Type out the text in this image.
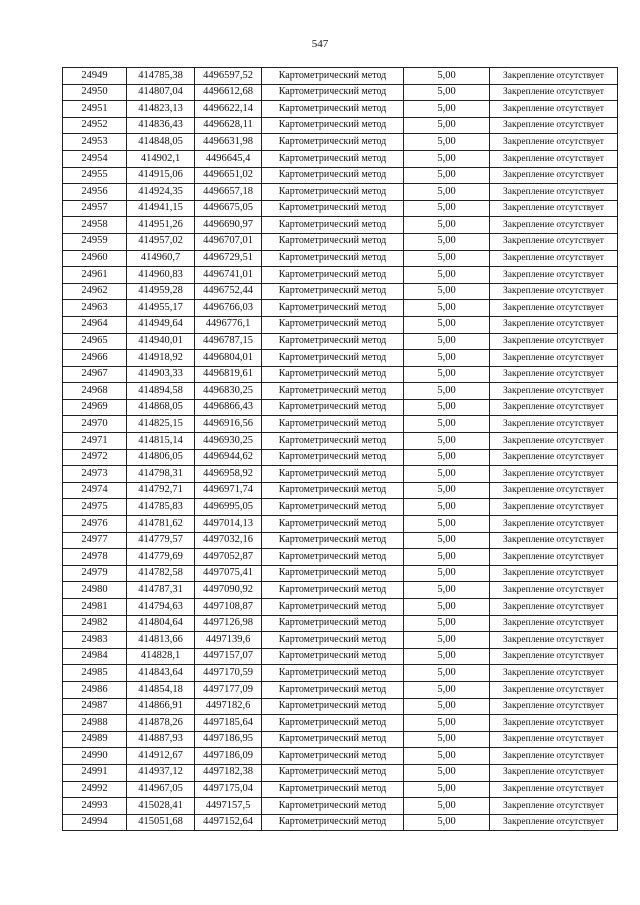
547
24949	414785,38	4496597,52	Картометрический метод	5,00	Закрепление отсутствует
24950	414807,04	4496612,68	Картометрический метод	5,00	Закрепление отсутствует
24951	414823,13	4496622,14	Картометрический метод	5,00	Закрепление отсутствует
24952	414836,43	4496628,11	Картометрический метод	5,00	Закрепление отсутствует
24953	414848,05	4496631,98	Картометрический метод	5,00	Закрепление отсутствует
24954	414902,1	4496645,4	Картометрический метод	5,00	Закрепление отсутствует
24955	414915,06	4496651,02	Картометрический метод	5,00	Закрепление отсутствует
24956	414924,35	4496657,18	Картометрический метод	5,00	Закрепление отсутствует
24957	414941,15	4496675,05	Картометрический метод	5,00	Закрепление отсутствует
24958	414951,26	4496690,97	Картометрический метод	5,00	Закрепление отсутствует
24959	414957,02	4496707,01	Картометрический метод	5,00	Закрепление отсутствует
24960	414960,7	4496729,51	Картометрический метод	5,00	Закрепление отсутствует
24961	414960,83	4496741,01	Картометрический метод	5,00	Закрепление отсутствует
24962	414959,28	4496752,44	Картометрический метод	5,00	Закрепление отсутствует
24963	414955,17	4496766,03	Картометрический метод	5,00	Закрепление отсутствует
24964	414949,64	4496776,1	Картометрический метод	5,00	Закрепление отсутствует
24965	414940,01	4496787,15	Картометрический метод	5,00	Закрепление отсутствует
24966	414918,92	4496804,01	Картометрический метод	5,00	Закрепление отсутствует
24967	414903,33	4496819,61	Картометрический метод	5,00	Закрепление отсутствует
24968	414894,58	4496830,25	Картометрический метод	5,00	Закрепление отсутствует
24969	414868,05	4496866,43	Картометрический метод	5,00	Закрепление отсутствует
24970	414825,15	4496916,56	Картометрический метод	5,00	Закрепление отсутствует
24971	414815,14	4496930,25	Картометрический метод	5,00	Закрепление отсутствует
24972	414806,05	4496944,62	Картометрический метод	5,00	Закрепление отсутствует
24973	414798,31	4496958,92	Картометрический метод	5,00	Закрепление отсутствует
24974	414792,71	4496971,74	Картометрический метод	5,00	Закрепление отсутствует
24975	414785,83	4496995,05	Картометрический метод	5,00	Закрепление отсутствует
24976	414781,62	4497014,13	Картометрический метод	5,00	Закрепление отсутствует
24977	414779,57	4497032,16	Картометрический метод	5,00	Закрепление отсутствует
24978	414779,69	4497052,87	Картометрический метод	5,00	Закрепление отсутствует
24979	414782,58	4497075,41	Картометрический метод	5,00	Закрепление отсутствует
24980	414787,31	4497090,92	Картометрический метод	5,00	Закрепление отсутствует
24981	414794,63	4497108,87	Картометрический метод	5,00	Закрепление отсутствует
24982	414804,64	4497126,98	Картометрический метод	5,00	Закрепление отсутствует
24983	414813,66	4497139,6	Картометрический метод	5,00	Закрепление отсутствует
24984	414828,1	4497157,07	Картометрический метод	5,00	Закрепление отсутствует
24985	414843,64	4497170,59	Картометрический метод	5,00	Закрепление отсутствует
24986	414854,18	4497177,09	Картометрический метод	5,00	Закрепление отсутствует
24987	414866,91	4497182,6	Картометрический метод	5,00	Закрепление отсутствует
24988	414878,26	4497185,64	Картометрический метод	5,00	Закрепление отсутствует
24989	414887,93	4497186,95	Картометрический метод	5,00	Закрепление отсутствует
24990	414912,67	4497186,09	Картометрический метод	5,00	Закрепление отсутствует
24991	414937,12	4497182,38	Картометрический метод	5,00	Закрепление отсутствует
24992	414967,05	4497175,04	Картометрический метод	5,00	Закрепление отсутствует
24993	415028,41	4497157,5	Картометрический метод	5,00	Закрепление отсутствует
24994	415051,68	4497152,64	Картометрический метод	5,00	Закрепление отсутствует
